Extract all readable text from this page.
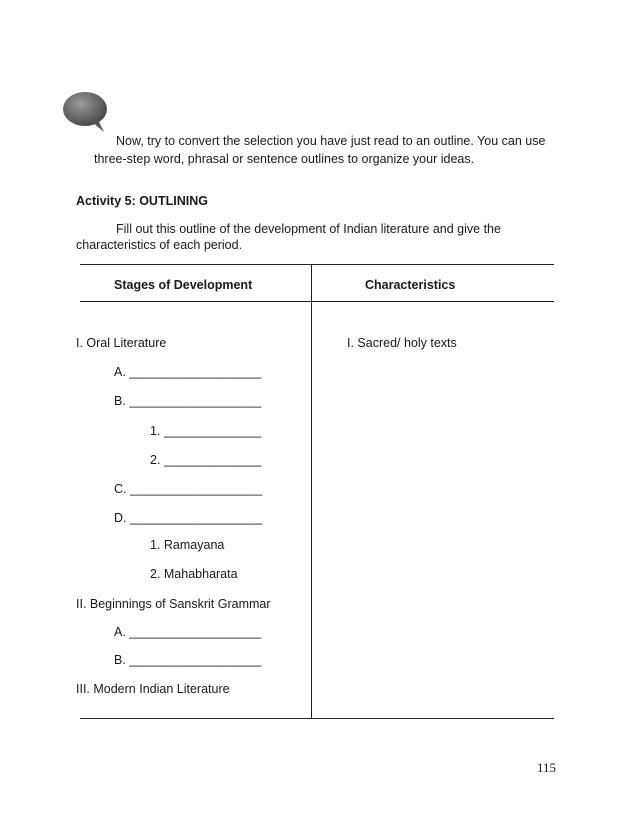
Now, try to convert the selection you have just read to an outline. You can use
three-step word, phrasal or sentence outlines to organize your ideas.
Activity 5: OUTLINING
Fill out this outline of the development of Indian literature and give the
characteristics of each period.
Stages of Development	Characteristics
I. Oral Literature
A. ___________________
B. ___________________
1. ______________
2. ______________
C. ___________________
D. ___________________
1. Ramayana
2. Mahabharata
II. Beginnings of Sanskrit Grammar
A. ___________________
B. ___________________
III. Modern Indian Literature
I. Sacred/ holy texts
115
